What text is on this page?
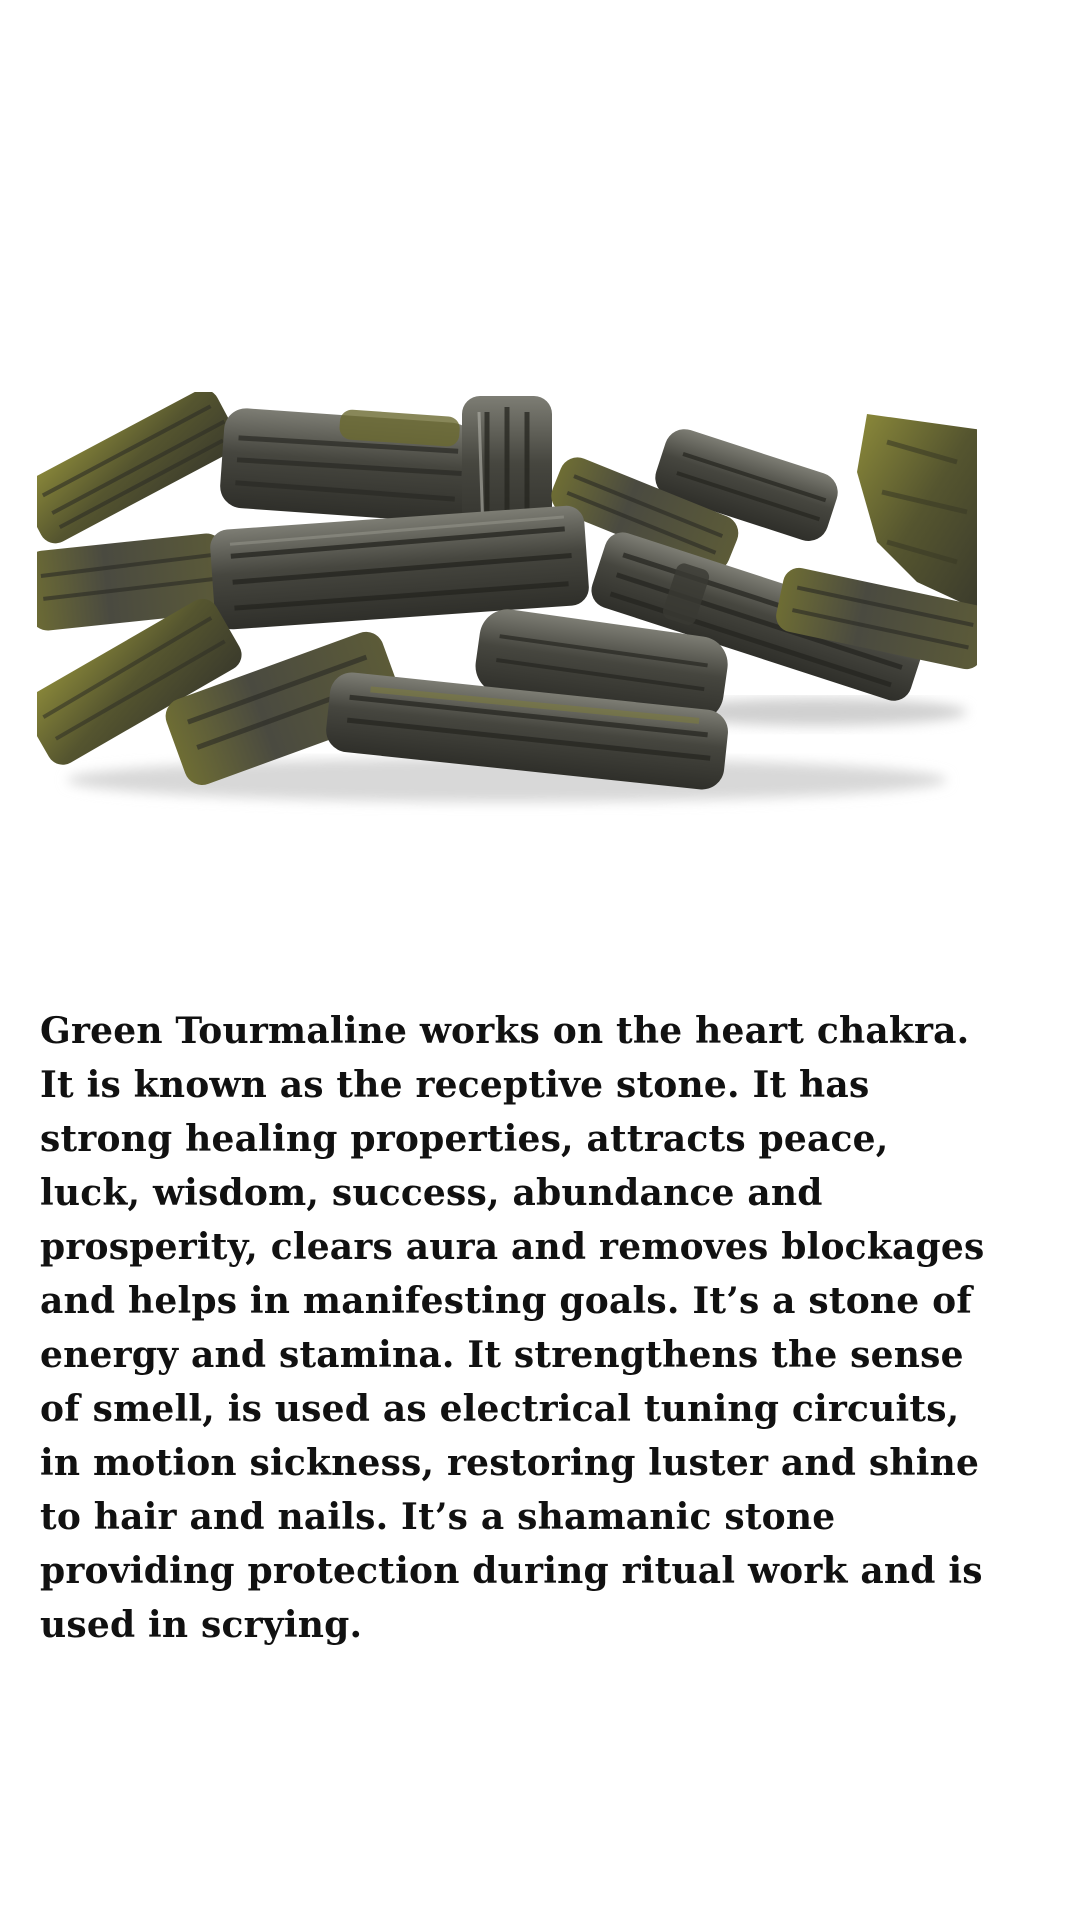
Green Tourmaline works on the heart chakra. It is known as the receptive stone. It has strong healing properties, attracts peace, luck, wisdom, success, abundance and prosperity, clears aura and removes blockages and helps in manifesting goals. It’s a stone of energy and stamina. It strengthens the sense of smell, is used as electrical tuning circuits, in motion sickness, restoring luster and shine to hair and nails. It’s a shamanic stone providing protection during ritual work and is used in scrying.
